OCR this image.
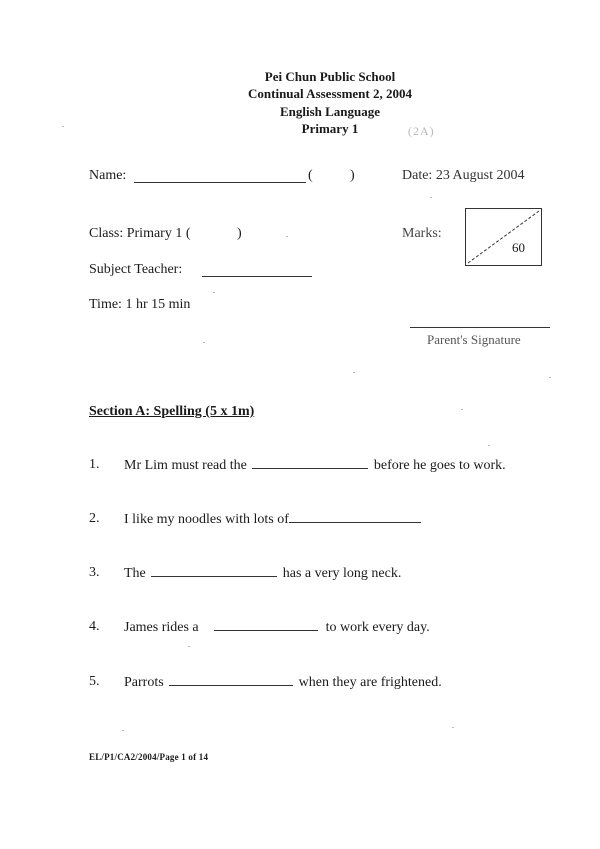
Pei Chun Public School
Continual Assessment 2, 2004
English Language
Primary 1	(2A)
Name:	(	)	Date: 23 August 2004
Class: Primary 1 (	)	Marks:
60
Subject Teacher:
Time: 1 hr 15 min
Parent's Signature
Section A: Spelling (5 x 1m)
1. Mr Lim must read the	before he goes to work.
2. I like my noodles with lots of
3. The	has a very long neck.
4. James rides a	to work every day.
5. Parrots	when they are frightened.
EL/P1/CA2/2004/Page 1 of 14
